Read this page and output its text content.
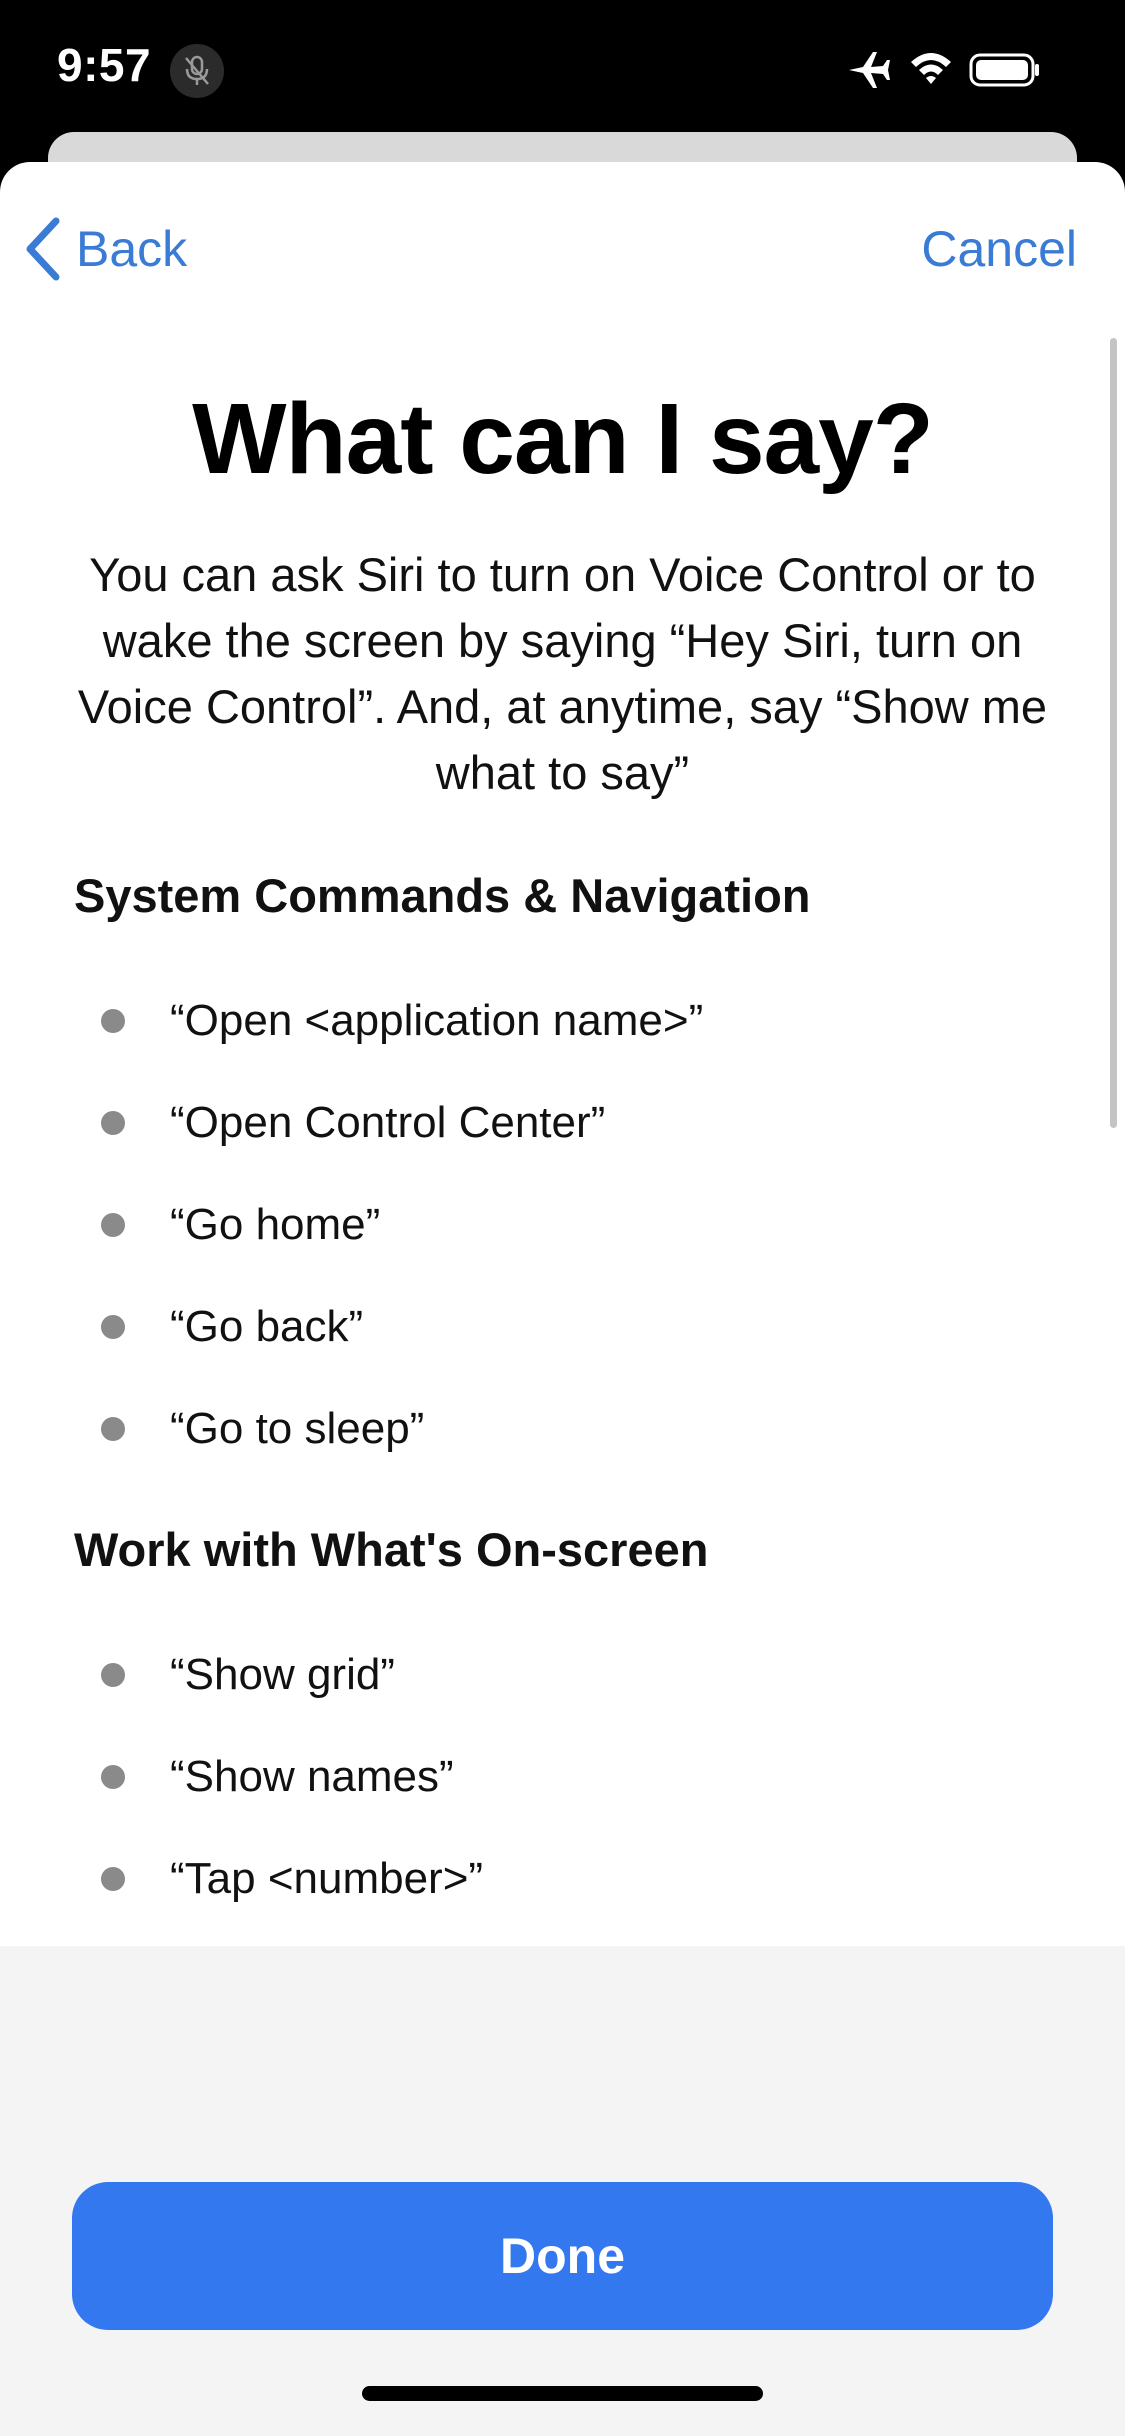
9:57
Back	Cancel
What can I say?
You can ask Siri to turn on Voice Control or to wake the screen by saying “Hey Siri, turn on Voice Control”. And, at anytime, say “Show me what to say”
System Commands & Navigation
“Open <application name>”
“Open Control Center”
“Go home”
“Go back”
“Go to sleep”
Work with What's On-screen
“Show grid”
“Show names”
“Tap <number>”
Done
